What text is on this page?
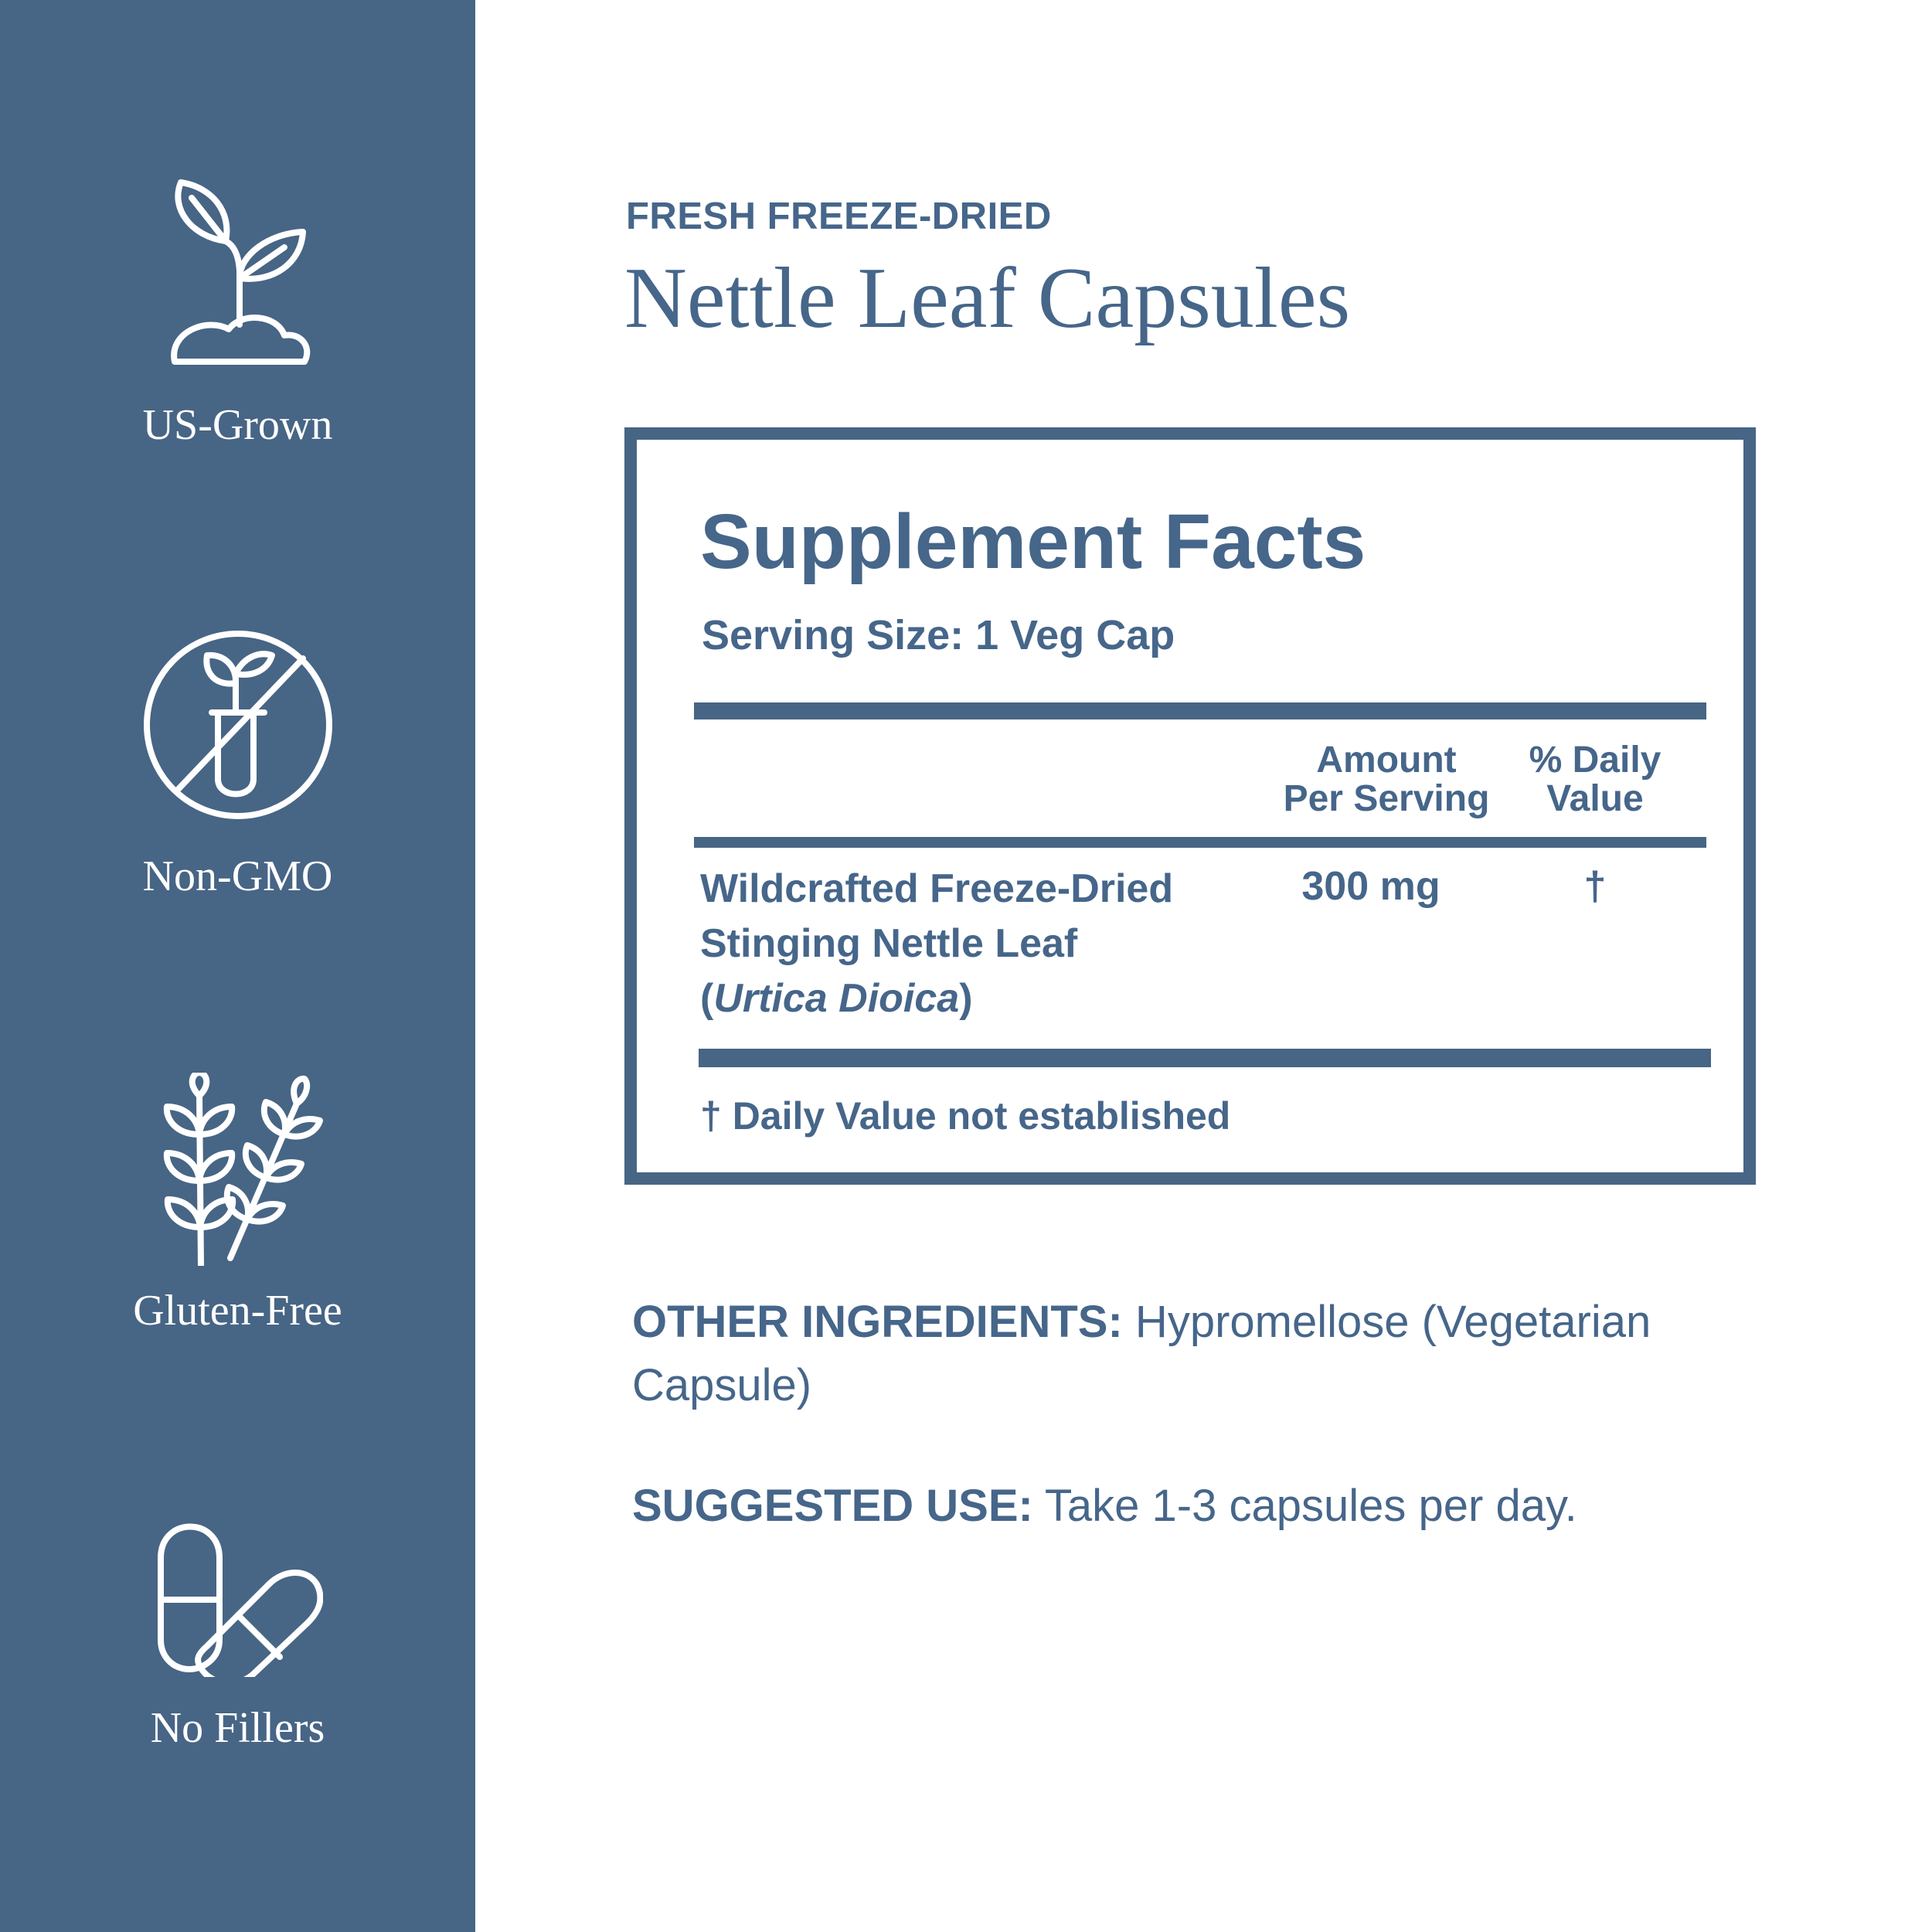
US-Grown
Non-GMO
Gluten-Free
No Fillers
FRESH FREEZE-DRIED
Nettle Leaf Capsules
Supplement Facts
Serving Size: 1 Veg Cap
Amount
Per Serving
% Daily
Value
Wildcrafted Freeze-Dried
Stinging Nettle Leaf
(Urtica Dioica)
300 mg	†
† Daily Value not established
OTHER INGREDIENTS: Hypromellose (Vegetarian Capsule)
SUGGESTED USE: Take 1-3 capsules per day.
